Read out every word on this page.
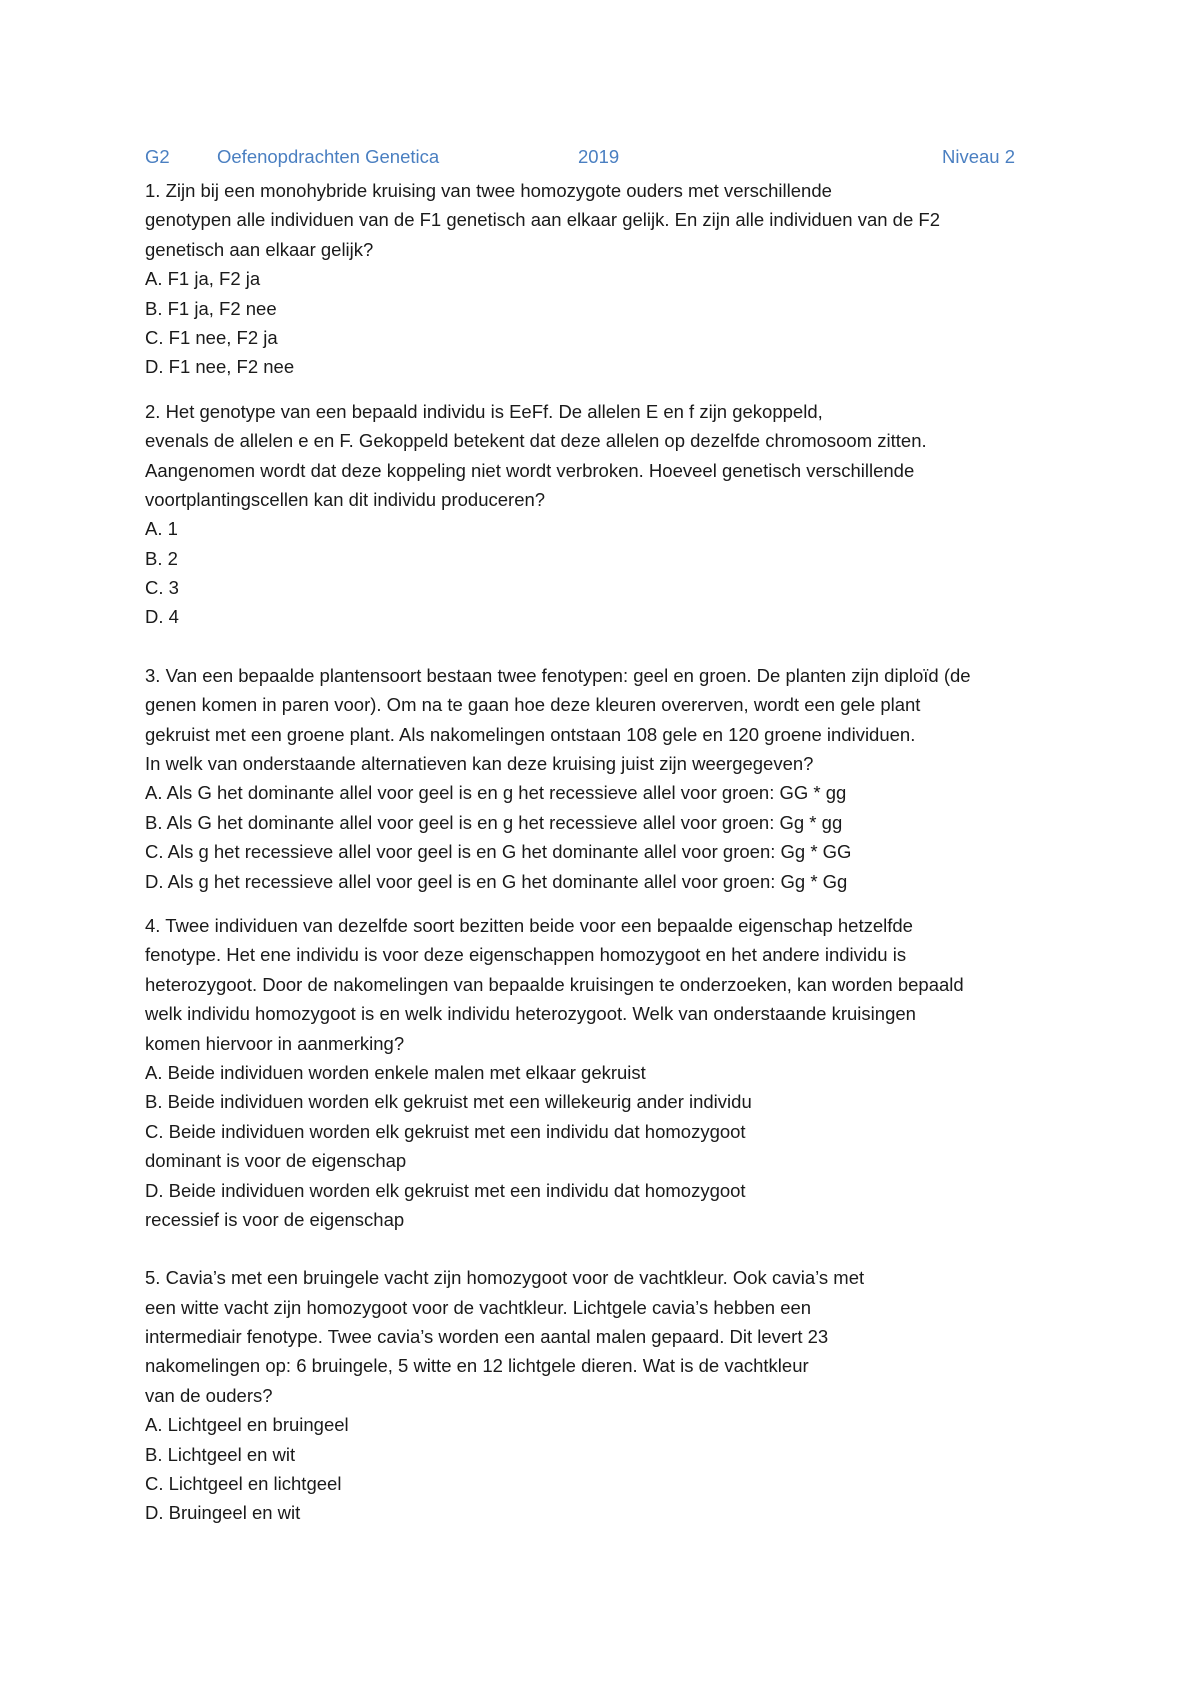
G2	Oefenopdrachten Genetica	2019	Niveau 2
1. Zijn bij een monohybride kruising van twee homozygote ouders met verschillende
genotypen alle individuen van de F1 genetisch aan elkaar gelijk. En zijn alle individuen van de F2
genetisch aan elkaar gelijk?
A. F1 ja, F2 ja
B. F1 ja, F2 nee
C. F1 nee, F2 ja
D. F1 nee, F2 nee
2. Het genotype van een bepaald individu is EeFf. De allelen E en f zijn gekoppeld,
evenals de allelen e en F. Gekoppeld betekent dat deze allelen op dezelfde chromosoom zitten.
Aangenomen wordt dat deze koppeling niet wordt verbroken. Hoeveel genetisch verschillende
voortplantingscellen kan dit individu produceren?
A. 1
B. 2
C. 3
D. 4
3. Van een bepaalde plantensoort bestaan twee fenotypen: geel en groen. De planten zijn diploïd (de
genen komen in paren voor). Om na te gaan hoe deze kleuren overerven, wordt een gele plant
gekruist met een groene plant. Als nakomelingen ontstaan 108 gele en 120 groene individuen.
In welk van onderstaande alternatieven kan deze kruising juist zijn weergegeven?
A. Als G het dominante allel voor geel is en g het recessieve allel voor groen: GG * gg
B. Als G het dominante allel voor geel is en g het recessieve allel voor groen: Gg * gg
C. Als g het recessieve allel voor geel is en G het dominante allel voor groen: Gg * GG
D. Als g het recessieve allel voor geel is en G het dominante allel voor groen: Gg * Gg
4. Twee individuen van dezelfde soort bezitten beide voor een bepaalde eigenschap hetzelfde
fenotype. Het ene individu is voor deze eigenschappen homozygoot en het andere individu is
heterozygoot. Door de nakomelingen van bepaalde kruisingen te onderzoeken, kan worden bepaald
welk individu homozygoot is en welk individu heterozygoot. Welk van onderstaande kruisingen
komen hiervoor in aanmerking?
A. Beide individuen worden enkele malen met elkaar gekruist
B. Beide individuen worden elk gekruist met een willekeurig ander individu
C. Beide individuen worden elk gekruist met een individu dat homozygoot
dominant is voor de eigenschap
D. Beide individuen worden elk gekruist met een individu dat homozygoot
recessief is voor de eigenschap
5. Cavia’s met een bruingele vacht zijn homozygoot voor de vachtkleur. Ook cavia’s met
een witte vacht zijn homozygoot voor de vachtkleur. Lichtgele cavia’s hebben een
intermediair fenotype. Twee cavia’s worden een aantal malen gepaard. Dit levert 23
nakomelingen op: 6 bruingele, 5 witte en 12 lichtgele dieren. Wat is de vachtkleur
van de ouders?
A. Lichtgeel en bruingeel
B. Lichtgeel en wit
C. Lichtgeel en lichtgeel
D. Bruingeel en wit
